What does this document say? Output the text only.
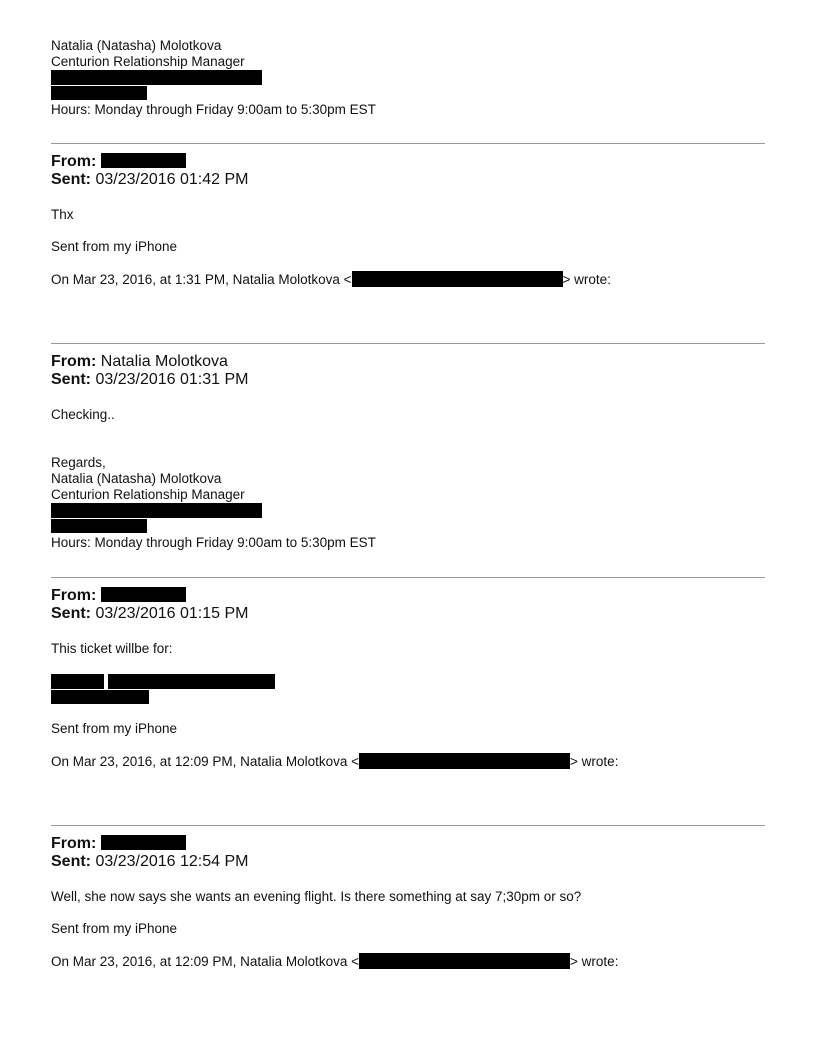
Natalia (Natasha) Molotkova
Centurion Relationship Manager
Hours: Monday through Friday 9:00am to 5:30pm EST
From:
Sent: 03/23/2016 01:42 PM
Thx
Sent from my iPhone
On Mar 23, 2016, at 1:31 PM, Natalia Molotkova <	> wrote:
From: Natalia Molotkova
Sent: 03/23/2016 01:31 PM
Checking..
Regards,
Natalia (Natasha) Molotkova
Centurion Relationship Manager
Hours: Monday through Friday 9:00am to 5:30pm EST
From:
Sent: 03/23/2016 01:15 PM
This ticket willbe for:
Sent from my iPhone
On Mar 23, 2016, at 12:09 PM, Natalia Molotkova <	> wrote:
From:
Sent: 03/23/2016 12:54 PM
Well, she now says she wants an evening flight. Is there something at say 7;30pm or so?
Sent from my iPhone
On Mar 23, 2016, at 12:09 PM, Natalia Molotkova <	> wrote:
